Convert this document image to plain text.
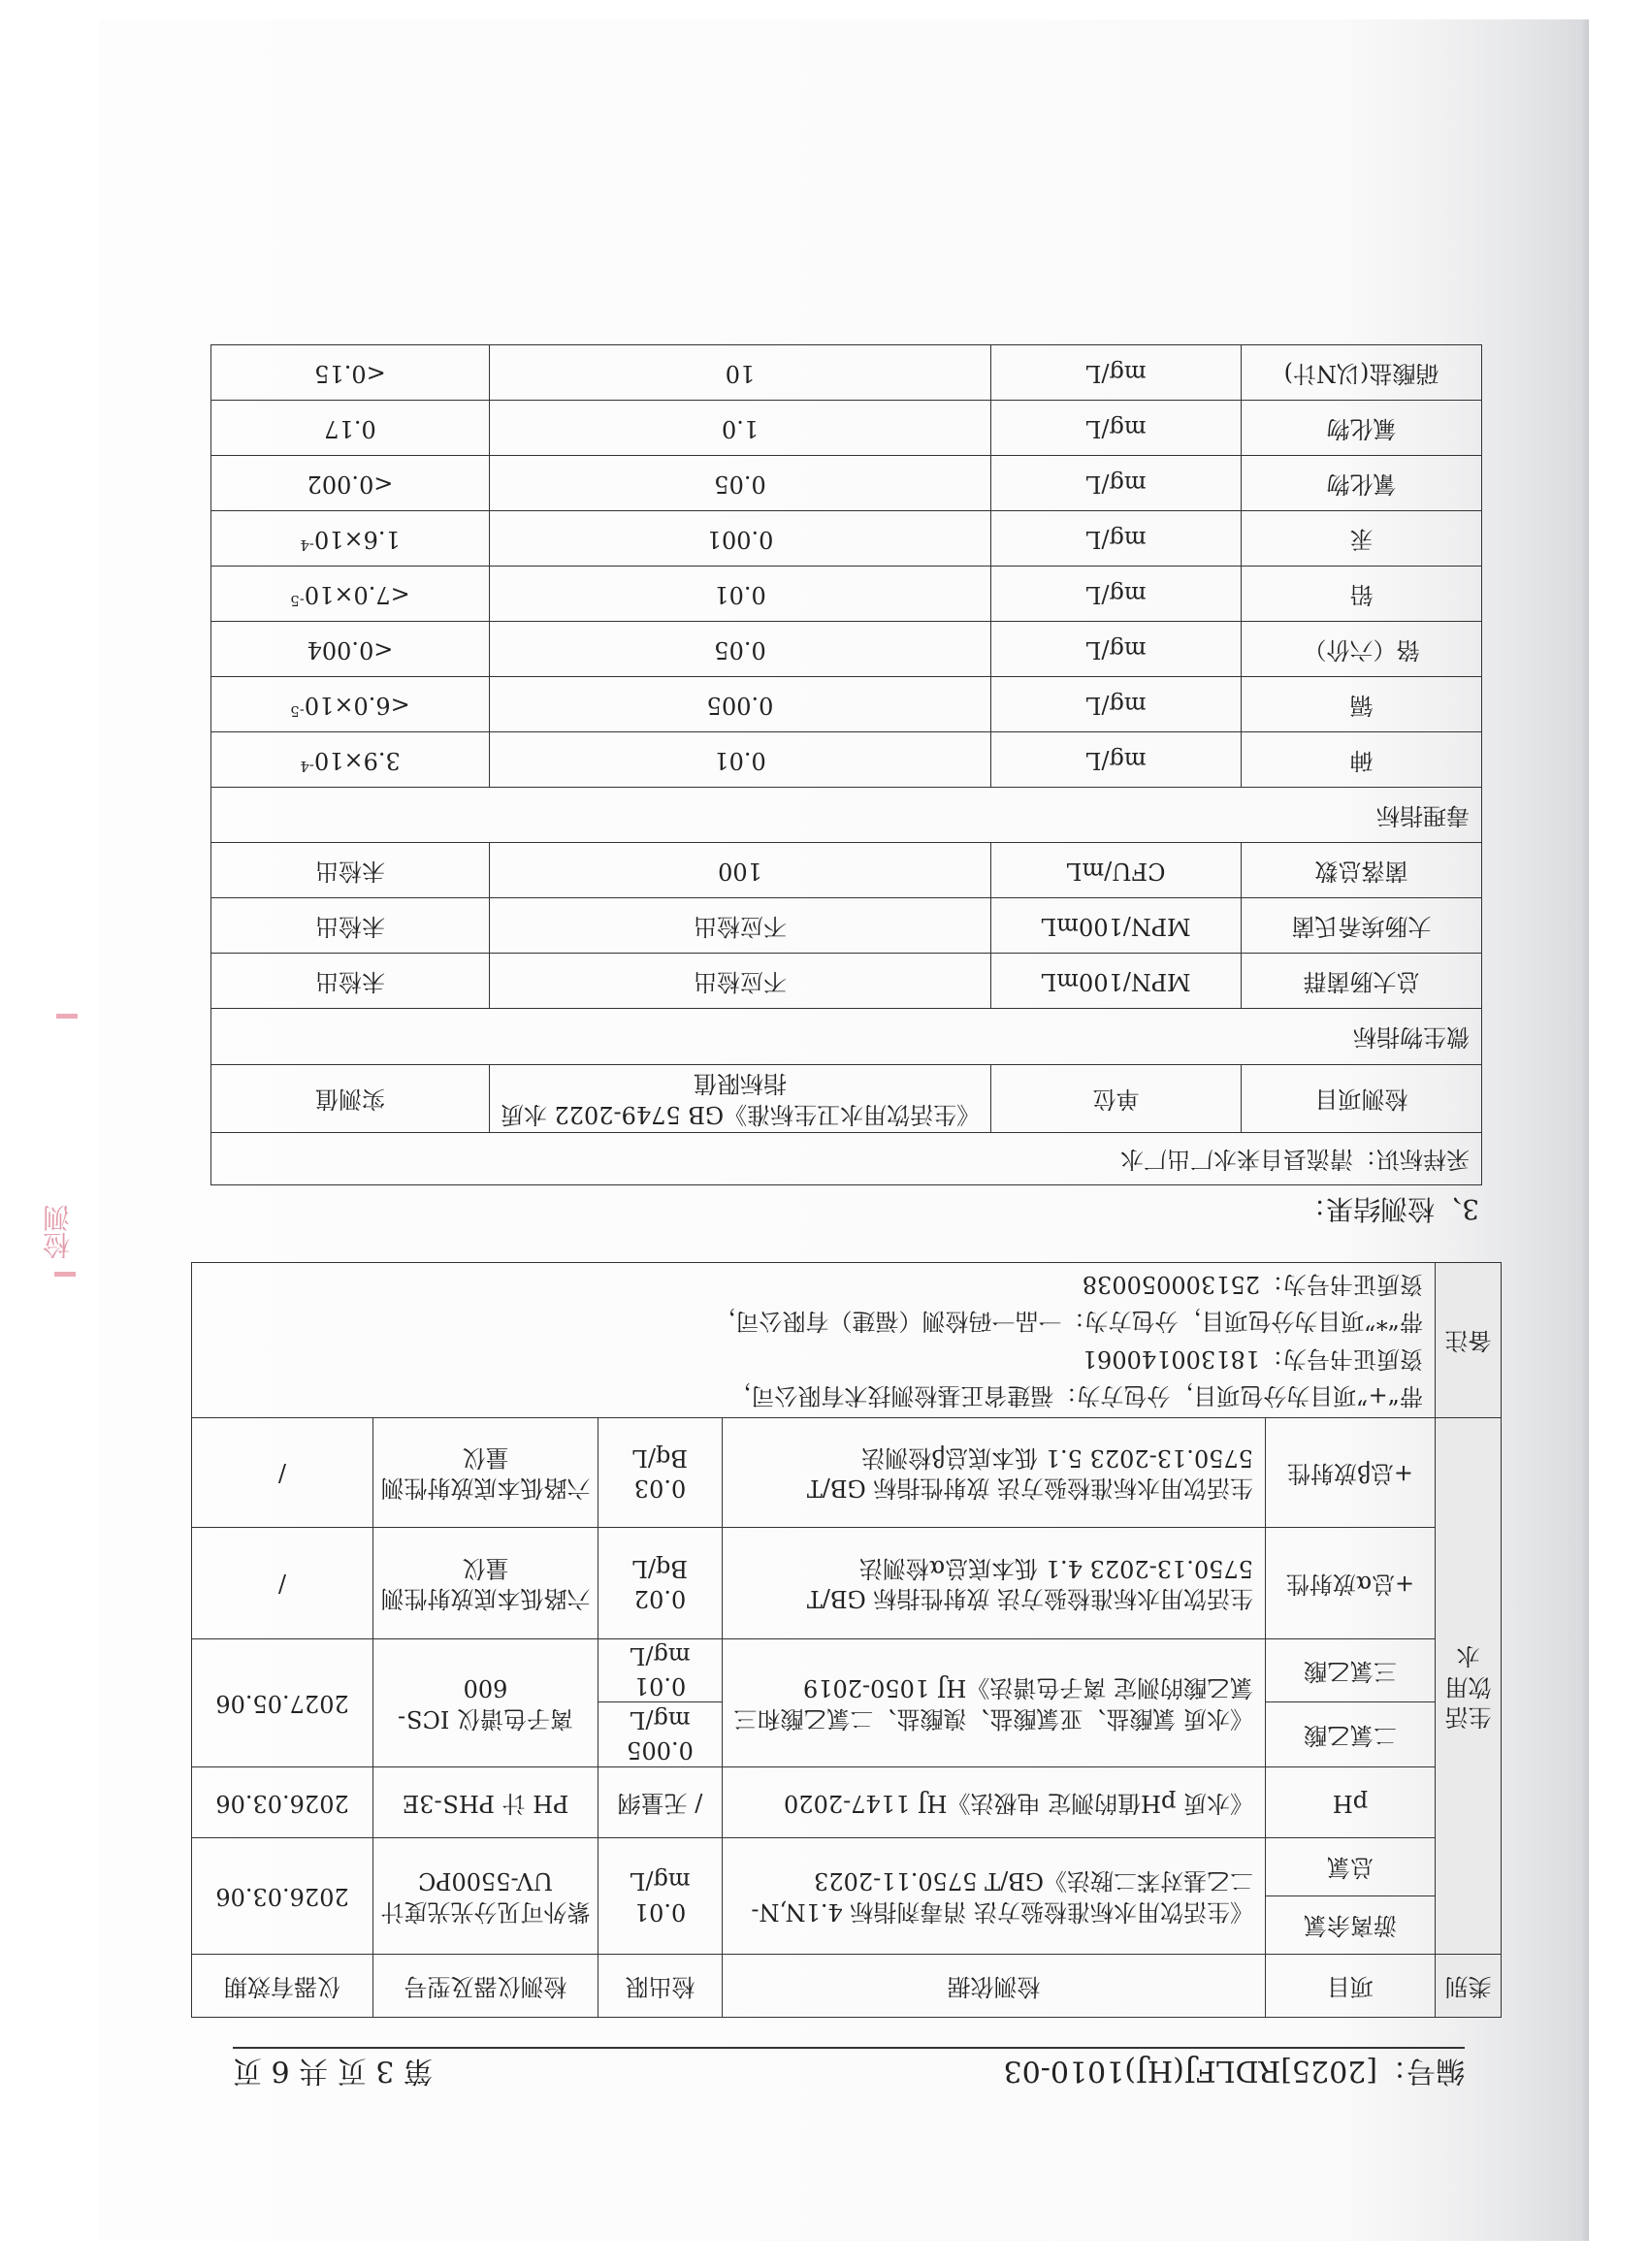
编号：[2025]RDLFJ(HJ)1010-03
第 3 页 共 6 页
类别	项目	检测依据	检出限	检测仪器及型号	仪器有效期
生活饮用水	游离余氯	《生活饮用水标准检验方法 消毒剂指标 4.1N,N-二乙基对苯二胺法》GB/T 5750.11-2023	0.01 mg/L	紫外可见分光光度计 UV-5500PC	2026.03.06
	总氯				
	pH	《水质 pH值的测定 电极法》HJ 1147-2020	/ 无量纲	PH 计 PHS-3E	2026.03.06
	二氯乙酸	《水质 氯酸盐、亚氯酸盐、溴酸盐、二氯乙酸和三氯乙酸的测定 离子色谱法》HJ 1050-2019	0.005 mg/L	离子色谱仪 ICS-600	2027.05.06
	三氯乙酸		0.01 mg/L		
	+总α放射性	生活饮用水标准检验方法 放射性指标 GB/T 5750.13-2023 4.1 低本底总α检测法	0.02 Bq/L	六路低本底放射性测量仪	/
	+总β放射性	生活饮用水标准检验方法 放射性指标 GB/T 5750.13-2023 5.1 低本底总β检测法	0.03 Bq/L	六路低本底放射性测量仪	/
备注	带“+”项目为分包项目，分包方为：福建省正基检测技术有限公司，
资质证书号为：181300140061
带“*”项目为分包项目，分包方为：一品一码检测（福建）有限公司，
资质证书号为：251300050038				
3、检测结果：
采样标识：清流县自来水厂出厂水			
检测项目	单位	《生活饮用水卫生标准》GB 5749-2022 水质指标限值	实测值
微生物指标			
总大肠菌群	MPN/100mL	不应检出	未检出
大肠埃希氏菌	MPN/100mL	不应检出	未检出
菌落总数	CFU/mL	100	未检出
毒理指标			
砷	mg/L	0.01	$3.9\times 10^{-4}$
镉	mg/L	0.005	$<6.0\times 10^{-5}$
铬（六价）	mg/L	0.05	<0.004
铅	mg/L	0.01	$<7.0\times 10^{-5}$
汞	mg/L	0.001	$1.6\times 10^{-4}$
氰化物	mg/L	0.05	<0.002
氟化物	mg/L	1.0	0.17
硝酸盐(以N计)	mg/L	10	<0.15
检测
